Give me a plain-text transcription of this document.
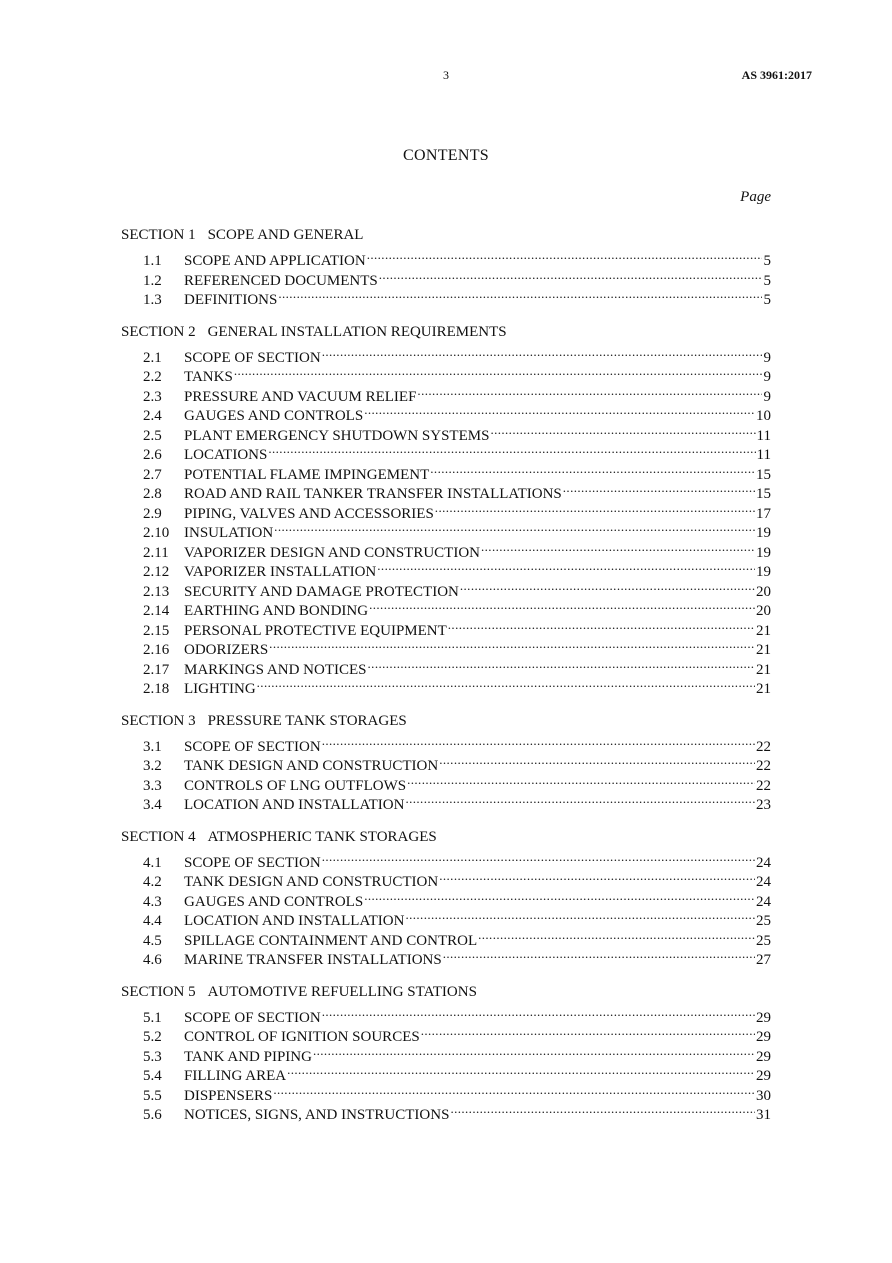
3	AS 3961:2017
CONTENTS
Page
SECTION 1 SCOPE AND GENERAL
1.1	SCOPE AND APPLICATION .....	5
1.2	REFERENCED DOCUMENTS .....	5
1.3	DEFINITIONS .....	5
SECTION 2 GENERAL INSTALLATION REQUIREMENTS
2.1	SCOPE OF SECTION .....	9
2.2	TANKS .....	9
2.3	PRESSURE AND VACUUM RELIEF .....	9
2.4	GAUGES AND CONTROLS .....	10
2.5	PLANT EMERGENCY SHUTDOWN SYSTEMS .....	11
2.6	LOCATIONS .....	11
2.7	POTENTIAL FLAME IMPINGEMENT .....	15
2.8	ROAD AND RAIL TANKER TRANSFER INSTALLATIONS .....	15
2.9	PIPING, VALVES AND ACCESSORIES .....	17
2.10 INSULATION .....	19
2.11	VAPORIZER DESIGN AND CONSTRUCTION .....	19
2.12 VAPORIZER INSTALLATION .....	19
2.13 SECURITY AND DAMAGE PROTECTION .....	20
2.14 EARTHING AND BONDING .....	20
2.15 PERSONAL PROTECTIVE EQUIPMENT .....	21
2.16 ODORIZERS .....	21
2.17 MARKINGS AND NOTICES .....	21
2.18 LIGHTING .....	21
SECTION 3 PRESSURE TANK STORAGES
3.1	SCOPE OF SECTION .....	22
3.2	TANK DESIGN AND CONSTRUCTION .....	22
3.3	CONTROLS OF LNG OUTFLOWS .....	22
3.4	LOCATION AND INSTALLATION .....	23
SECTION 4 ATMOSPHERIC TANK STORAGES
4.1	SCOPE OF SECTION .....	24
4.2	TANK DESIGN AND CONSTRUCTION .....	24
4.3	GAUGES AND CONTROLS .....	24
4.4	LOCATION AND INSTALLATION .....	25
4.5	SPILLAGE CONTAINMENT AND CONTROL .....	25
4.6	MARINE TRANSFER INSTALLATIONS .....	27
SECTION 5 AUTOMOTIVE REFUELLING STATIONS
5.1	SCOPE OF SECTION .....	29
5.2	CONTROL OF IGNITION SOURCES .....	29
5.3	TANK AND PIPING .....	29
5.4	FILLING AREA .....	29
5.5	DISPENSERS .....	30
5.6	NOTICES, SIGNS, AND INSTRUCTIONS .....	31
